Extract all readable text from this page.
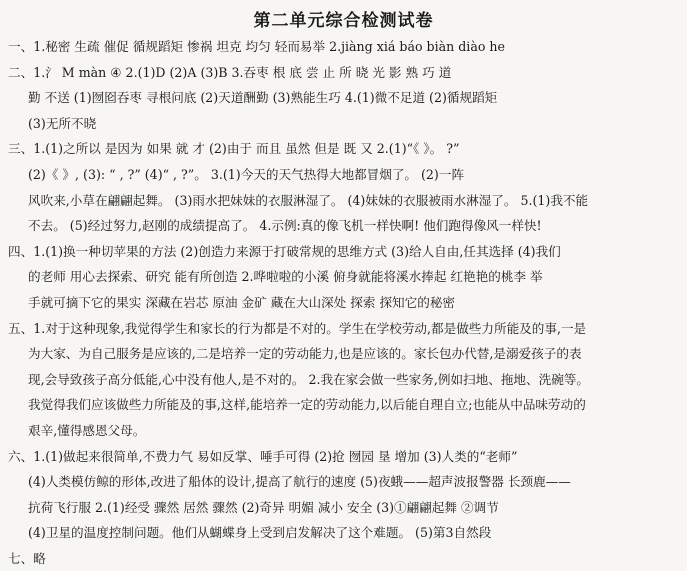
第二单元综合检测试卷
一、1.秘密 生疏 催促 循规蹈矩 惨祸 坦克 均匀 轻而易举 2.jiàng xiá báo biàn diào he
二、1.氵 M màn ④ 2.(1)D (2)A (3)B 3.吞枣 根 底 尝 止 所 晓 光 影 熟 巧 道
勤 不送 (1)囫囵吞枣 寻根问底 (2)天道酬勤 (3)熟能生巧 4.(1)微不足道 (2)循规蹈矩
(3)无所不晓
三、1.(1)之所以 是因为 如果 就 才 (2)由于 而且 虽然 但是 既 又 2.(1)“《 》。 ?”
(2)《 》, (3): “ , ?” (4)“ , ?”。 3.(1)今天的天气热得大地都冒烟了。 (2)一阵
风吹来,小草在翩翩起舞。 (3)雨水把妹妹的衣服淋湿了。 (4)妹妹的衣服被雨水淋湿了。 5.(1)我不能
不去。 (5)经过努力,赵刚的成绩提高了。 4.示例:真的像飞机一样快啊! 他们跑得像风一样快!
四、1.(1)换一种切苹果的方法 (2)创造力来源于打破常规的思维方式 (3)给人自由,任其选择 (4)我们
的老师 用心去探索、研究 能有所创造 2.哗啦啦的小溪 俯身就能将溪水捧起 红艳艳的桃李 举
手就可摘下它的果实 深藏在岩芯 原油 金矿 藏在大山深处 探索 探知它的秘密
五、1.对于这种现象,我觉得学生和家长的行为都是不对的。学生在学校劳动,都是做些力所能及的事,一是
为大家、为自己服务是应该的,二是培养一定的劳动能力,也是应该的。家长包办代替,是溺爱孩子的表
现,会导致孩子高分低能,心中没有他人,是不对的。 2.我在家会做一些家务,例如扫地、拖地、洗碗等。
我觉得我们应该做些力所能及的事,这样,能培养一定的劳动能力,以后能自理自立;也能从中品味劳动的
艰辛,懂得感恩父母。
六、1.(1)做起来很简单,不费力气 易如反掌、唾手可得 (2)抢 囫园 垦 增加 (3)人类的“老师”
(4)人类模仿鲸的形体,改进了船体的设计,提高了航行的速度 (5)夜蛾——超声波报警器 长颈鹿——
抗荷飞行服 2.(1)经受 骤然 居然 骤然 (2)奇异 明媚 减小 安全 (3)①翩翩起舞 ②调节
(4)卫星的温度控制问题。他们从蝴蝶身上受到启发解决了这个难题。 (5)第3自然段
七、略
